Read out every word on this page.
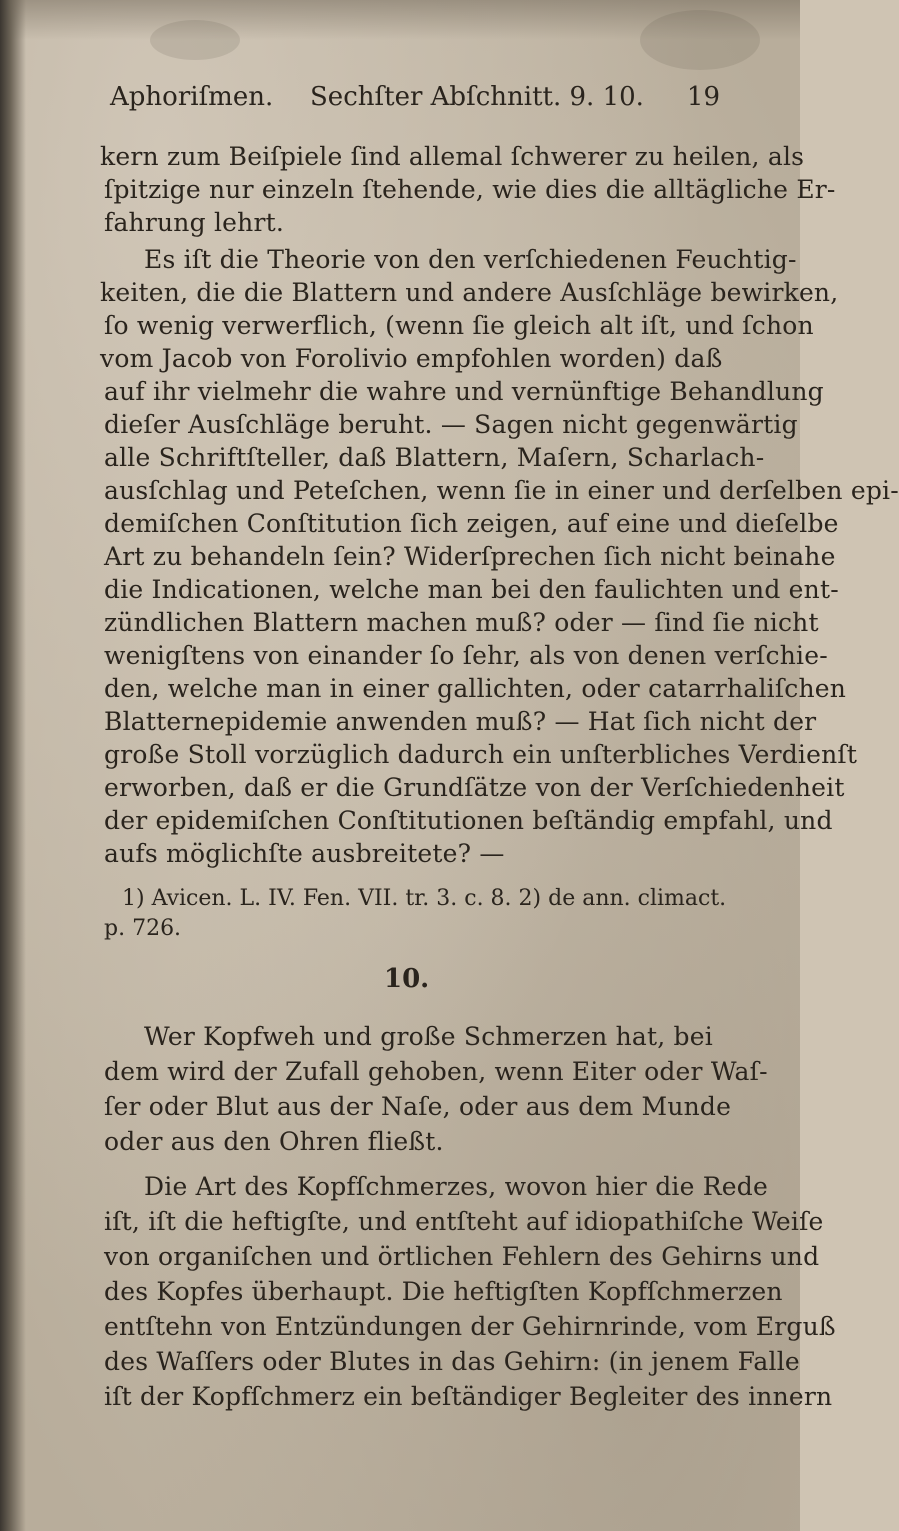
Aphoriſmen. Sechſter Abſchnitt. 9. 10. 19
kern zum Beiſpiele ſind allemal ſchwerer zu heilen, als
ſpitzige nur einzeln ſtehende, wie dies die alltägliche Er-
fahrung lehrt.
Es iſt die Theorie von den verſchiedenen Feuchtig-
keiten, die die Blattern und andere Ausſchläge bewirken,
ſo wenig verwerflich, (wenn ſie gleich alt iſt, und ſchon
vom Jacob von Forolivio empfohlen worden) daß
auf ihr vielmehr die wahre und vernünftige Behandlung
dieſer Ausſchläge beruht. — Sagen nicht gegenwärtig
alle Schriftſteller, daß Blattern, Maſern, Scharlach-
ausſchlag und Peteſchen, wenn ſie in einer und derſelben epi-
demiſchen Conſtitution ſich zeigen, auf eine und dieſelbe
Art zu behandeln ſein? Widerſprechen ſich nicht beinahe
die Indicationen, welche man bei den faulichten und ent-
zündlichen Blattern machen muß? oder — ſind ſie nicht
wenigſtens von einander ſo ſehr, als von denen verſchie-
den, welche man in einer gallichten, oder catarrhaliſchen
Blatternepidemie anwenden muß? — Hat ſich nicht der
große Stoll vorzüglich dadurch ein unſterbliches Verdienſt
erworben, daß er die Grundſätze von der Verſchiedenheit
der epidemiſchen Conſtitutionen beſtändig empfahl, und
aufs möglichſte ausbreitete? —
1) Avicen. L. IV. Fen. VII. tr. 3. c. 8. 2) de ann. climact.
p. 726.
10.
Wer Kopfweh und große Schmerzen hat, bei
dem wird der Zufall gehoben, wenn Eiter oder Waſ-
ſer oder Blut aus der Naſe, oder aus dem Munde
oder aus den Ohren fließt.
Die Art des Kopfſchmerzes, wovon hier die Rede
iſt, iſt die heftigſte, und entſteht auf idiopathiſche Weiſe
von organiſchen und örtlichen Fehlern des Gehirns und
des Kopfes überhaupt. Die heftigſten Kopfſchmerzen
entſtehn von Entzündungen der Gehirnrinde, vom Erguß
des Waſſers oder Blutes in das Gehirn: (in jenem Falle
iſt der Kopfſchmerz ein beſtändiger Begleiter des innern
